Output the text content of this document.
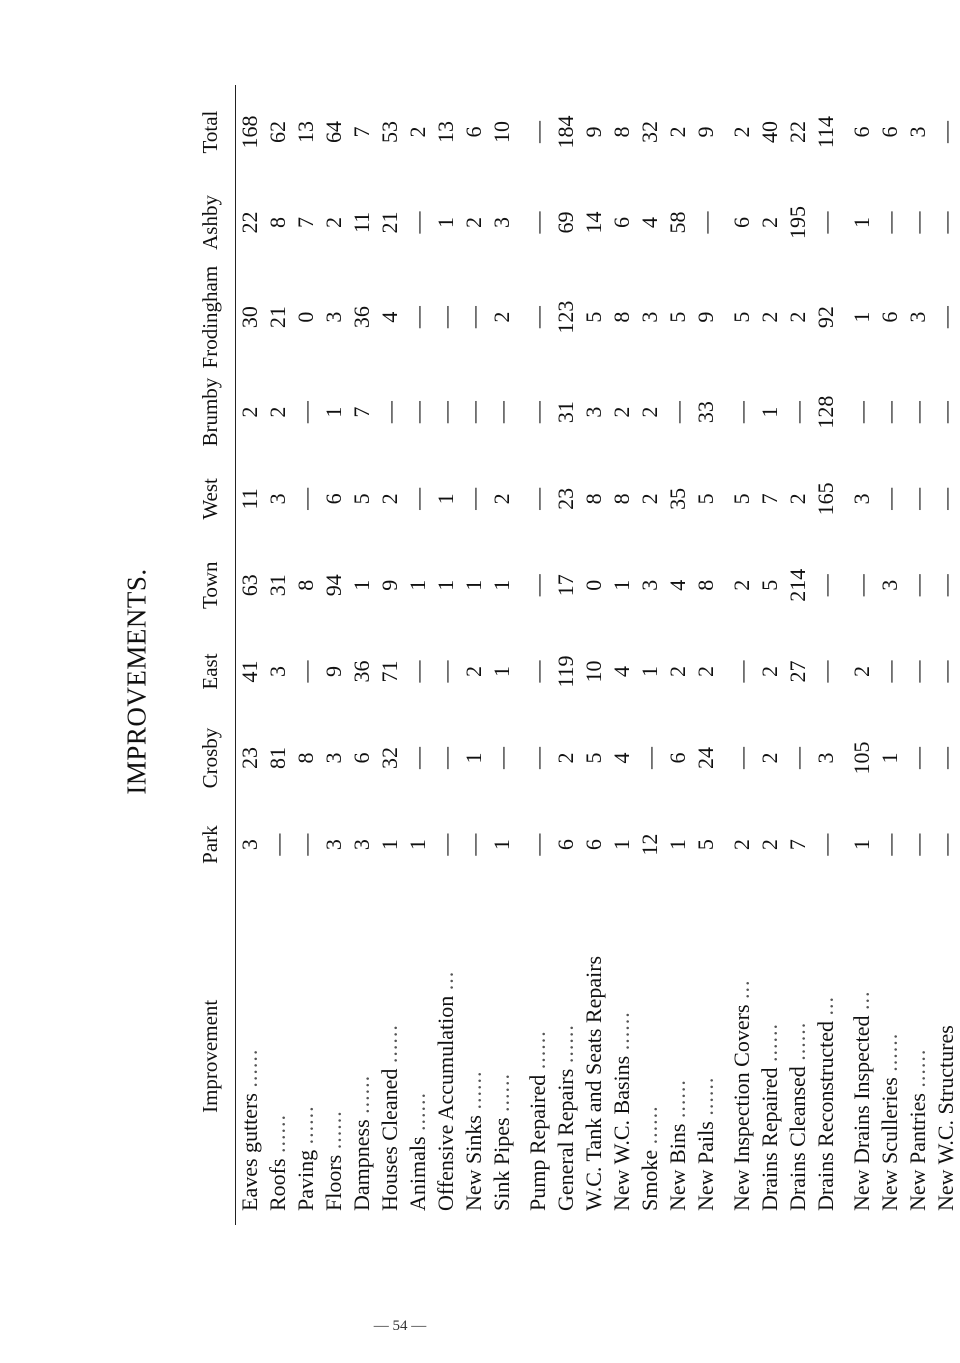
IMPROVEMENTS.
Improvement	Park	Crosby	East	Town	West	Brumby	Frodingham	Ashby	Total
Eaves gutters ......	3	23	41	63	11	2	30	22	168
Roofs ......	—	81	3	31	3	2	21	8	62
Paving ......	—	8	—	8	—	—	0	7	13
Floors ......	3	3	9	94	6	1	3	2	64
Dampness ......	3	6	36	1	5	7	36	11	7
Houses Cleaned ......	1	32	71	9	2	—	4	21	53
Animals ......	1	—	—	1	—	—	—	—	2
Offensive Accumulation ...	—	—	—	1	1	—	—	1	13
New Sinks ......	—	1	2	1	—	—	—	2	6
Sink Pipes ......	1	—	1	1	2	—	2	3	10
Pump Repaired ......	—	—	—	—	—	—	—	—	—
General Repairs ......	6	2	119	17	23	31	123	69	184
W.C. Tank and Seats Repairs	6	5	10	0	8	3	5	14	9
New W.C. Basins ......	1	4	4	1	8	2	8	6	8
Smoke ......	12	—	1	3	2	2	3	4	32
New Bins ......	1	6	2	4	35	—	5	58	2
New Pails ......	5	24	2	8	5	33	9	—	9
New Inspection Covers ...	2	—	—	2	5	—	5	6	2
Drains Repaired ......	2	2	2	5	7	1	2	2	40
Drains Cleansed ......	7	—	27	214	2	—	2	195	22
Drains Reconstructed ...	—	3	—	—	165	128	92	—	114
New Drains Inspected ...	1	105	2	—	3	—	1	1	6
New Sculleries ......	—	1	—	3	—	—	6	—	6
New Pantries ......	—	—	—	—	—	—	3	—	3
New W.C. Structures	—	—	—	—	—	—	—	—	—
— 54 —
